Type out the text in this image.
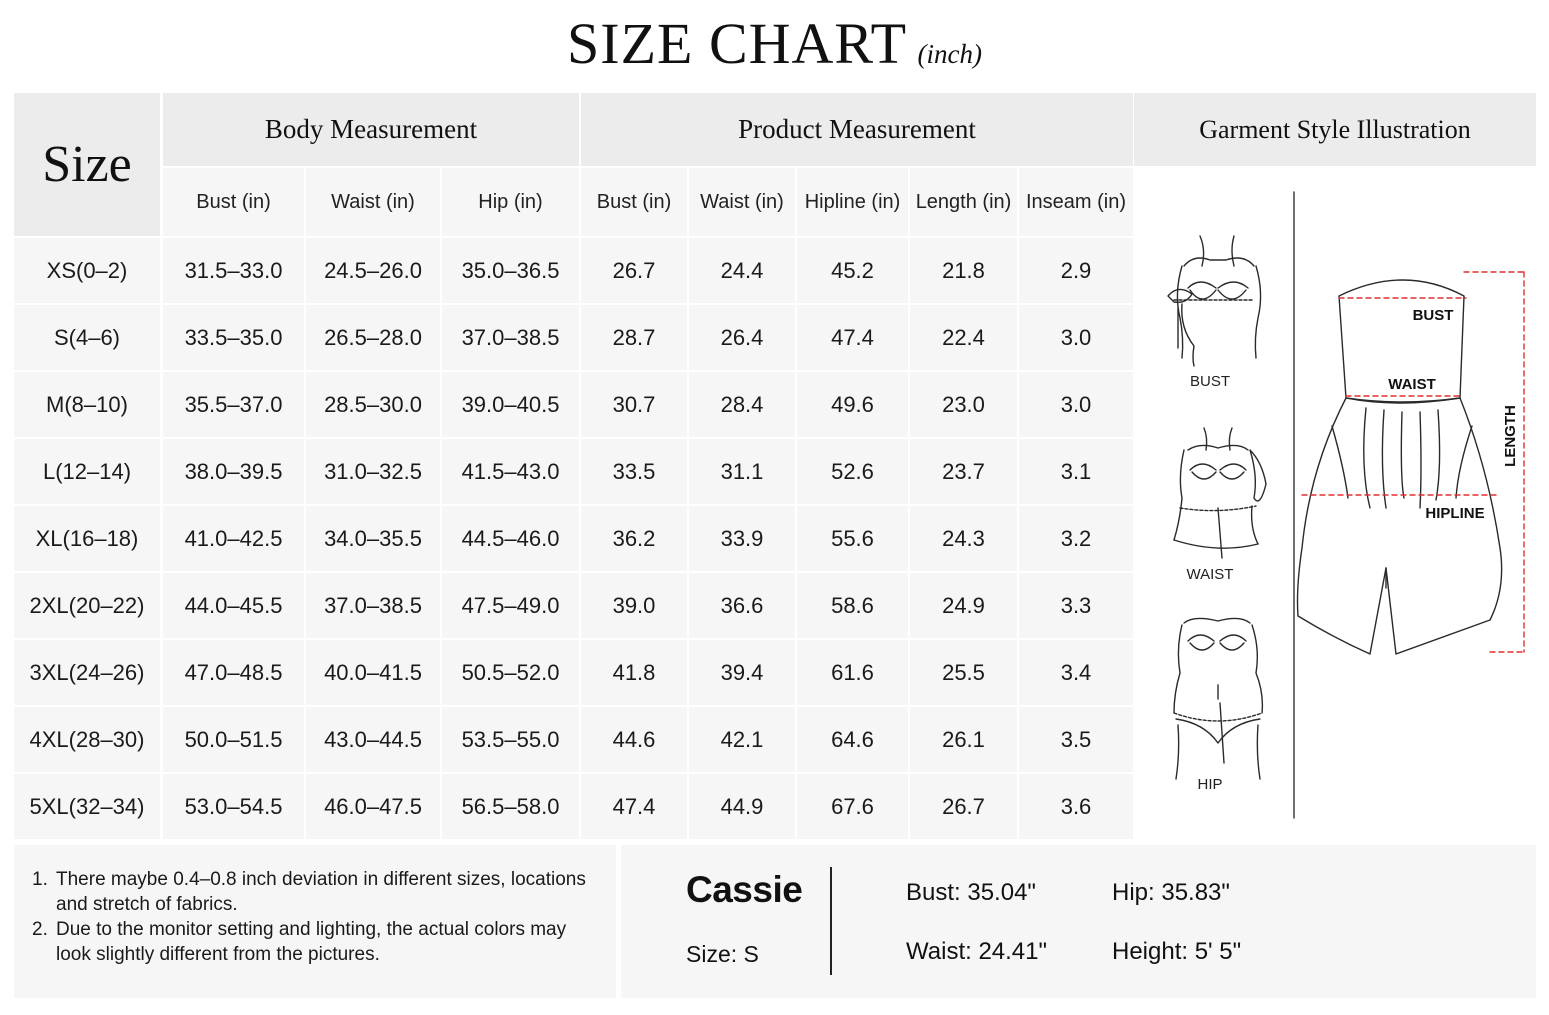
SIZE CHART (inch)
Size
Body Measurement	Product Measurement
Bust (in)	Waist (in)	Hip (in)	Bust (in)	Waist (in)	Hipline (in) Length (in) Inseam (in)
XS(0–2)	31.5–33.0	24.5–26.0	35.0–36.5	26.7	24.4	45.2	21.8	2.9
S(4–6)	33.5–35.0	26.5–28.0	37.0–38.5	28.7	26.4	47.4	22.4	3.0
M(8–10)	35.5–37.0	28.5–30.0	39.0–40.5	30.7	28.4	49.6	23.0	3.0
L(12–14)	38.0–39.5	31.0–32.5	41.5–43.0	33.5	31.1	52.6	23.7	3.1
XL(16–18)	41.0–42.5	34.0–35.5	44.5–46.0	36.2	33.9	55.6	24.3	3.2
2XL(20–22)	44.0–45.5	37.0–38.5	47.5–49.0	39.0	36.6	58.6	24.9	3.3
3XL(24–26)	47.0–48.5	40.0–41.5	50.5–52.0	41.8	39.4	61.6	25.5	3.4
4XL(28–30)	50.0–51.5	43.0–44.5	53.5–55.0	44.6	42.1	64.6	26.1	3.5
5XL(32–34)	53.0–54.5	46.0–47.5	56.5–58.0	47.4	44.9	67.6	26.7	3.6
Garment Style Illustration
BUST
WAIST
HIP
BUST
WAIST
HIPLINE
LENGTH
1. There maybe 0.4–0.8 inch deviation in different sizes, locations and stretch of fabrics.
2. Due to the monitor setting and lighting, the actual colors may look slightly different from the pictures.
Cassie
Size: S
Bust: 35.04"	Hip: 35.83"
Waist: 24.41"	Height: 5' 5"
